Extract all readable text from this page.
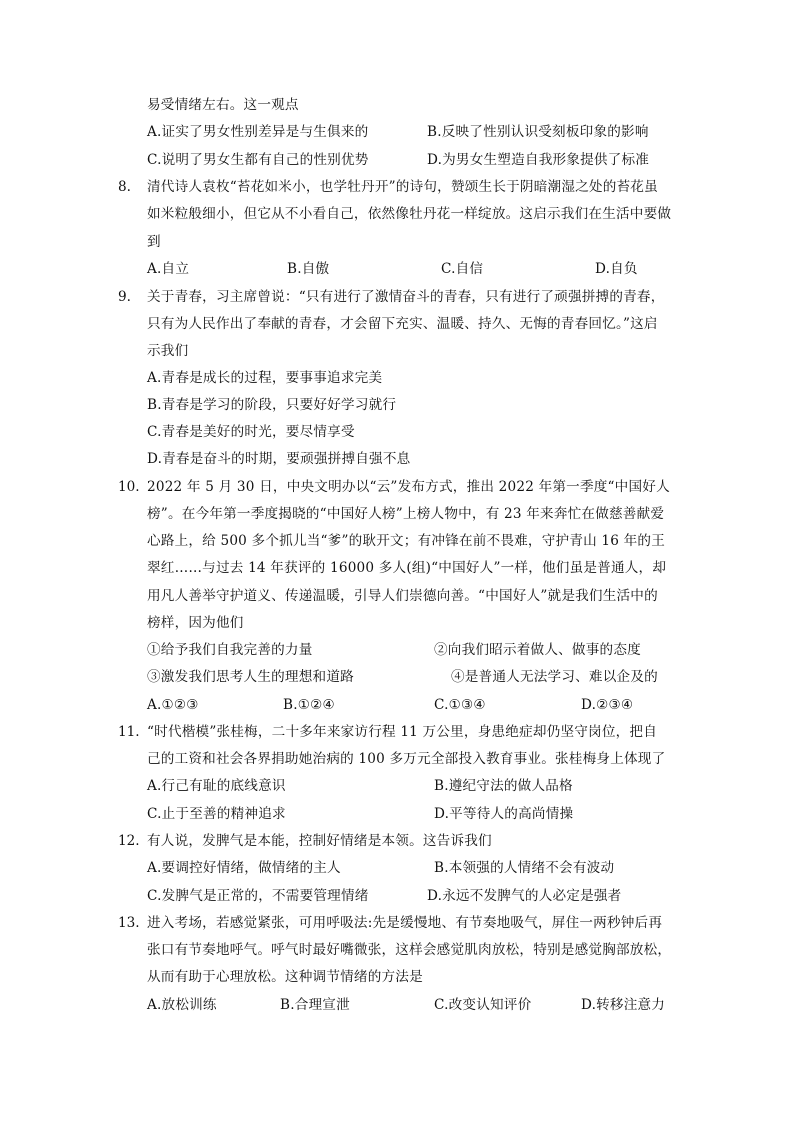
易受情绪左右。这一观点
A.证实了男女性别差异是与生俱来的	B.反映了性别认识受刻板印象的影响
C.说明了男女生都有自己的性别优势	D.为男女生塑造自我形象提供了标准
8. 清代诗人袁枚“苔花如米小，也学牡丹开”的诗句，赞颂生长于阴暗潮湿之处的苔花虽
如米粒般细小，但它从不小看自己，依然像牡丹花一样绽放。这启示我们在生活中要做
到
A.自立	B.自傲	C.自信	D.自负
9. 关于青春，习主席曾说：“只有进行了激情奋斗的青春，只有进行了顽强拼搏的青春，
只有为人民作出了奉献的青春，才会留下充实、温暖、持久、无悔的青春回忆。”这启
示我们
A.青春是成长的过程，要事事追求完美
B.青春是学习的阶段，只要好好学习就行
C.青春是美好的时光，要尽情享受
D.青春是奋斗的时期，要顽强拼搏自强不息
10. 2022 年 5 月 30 日，中央文明办以“云”发布方式，推出 2022 年第一季度“中国好人
榜”。在今年第一季度揭晓的“中国好人榜”上榜人物中，有 23 年来奔忙在做慈善献爱
心路上，给 500 多个抓儿当“爹”的耿开文；有冲锋在前不畏难，守护青山 16 年的王
翠红……与过去 14 年获评的 16000 多人(组)“中国好人”一样，他们虽是普通人，却
用凡人善举守护道义、传递温暖，引导人们崇德向善。“中国好人”就是我们生活中的
榜样，因为他们
①给予我们自我完善的力量	②向我们昭示着做人、做事的态度
③激发我们思考人生的理想和道路	④是普通人无法学习、难以企及的
A.①②③	B.①②④	C.①③④	D.②③④
11. “时代楷模”张桂梅，二十多年来家访行程 11 万公里，身患绝症却仍坚守岗位，把自
己的工资和社会各界捐助她治病的 100 多万元全部投入教育事业。张桂梅身上体现了
A.行己有耻的底线意识	B.遵纪守法的做人品格
C.止于至善的精神追求	D.平等待人的高尚情操
12. 有人说，发脾气是本能，控制好情绪是本领。这告诉我们
A.要调控好情绪，做情绪的主人	B.本领强的人情绪不会有波动
C.发脾气是正常的，不需要管理情绪	D.永远不发脾气的人必定是强者
13. 进入考场，若感觉紧张，可用呼吸法:先是缓慢地、有节奏地吸气，屏住一两秒钟后再
张口有节奏地呼气。呼气时最好嘴微张，这样会感觉肌肉放松，特别是感觉胸部放松，
从而有助于心理放松。这种调节情绪的方法是
A.放松训练	B.合理宣泄	C.改变认知评价	D.转移注意力
